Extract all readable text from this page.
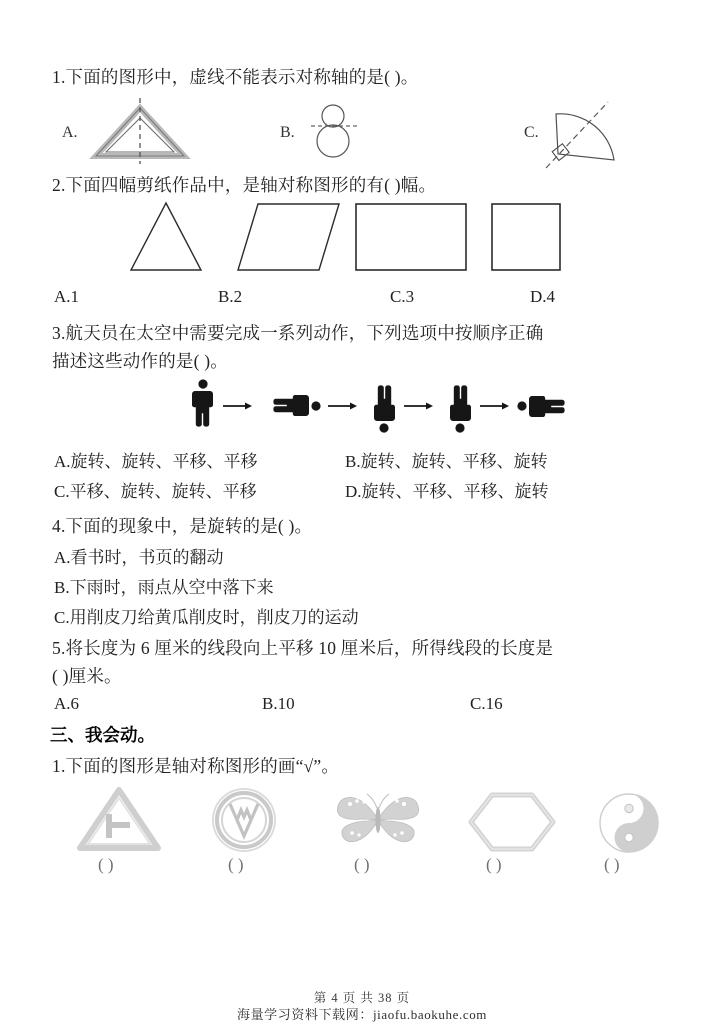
1.下面的图形中，虚线不能表示对称轴的是( )。
A.	B.	C.
2.下面四幅剪纸作品中，是轴对称图形的有( )幅。
A.1	B.2	C.3	D.4
3.航天员在太空中需要完成一系列动作，下列选项中按顺序正确
描述这些动作的是( )。
A.旋转、旋转、平移、平移	B.旋转、旋转、平移、旋转
C.平移、旋转、旋转、平移	D.旋转、平移、平移、旋转
4.下面的现象中，是旋转的是( )。
A.看书时，书页的翻动
B.下雨时，雨点从空中落下来
C.用削皮刀给黄瓜削皮时，削皮刀的运动
5.将长度为 6 厘米的线段向上平移 10 厘米后，所得线段的长度是
( )厘米。
A.6	B.10	C.16
三、我会动。
1.下面的图形是轴对称图形的画“√”。
( )	( )	( )	( )	( )
第 4 页 共 38 页
海量学习资料下载网：jiaofu.baokuhe.com
